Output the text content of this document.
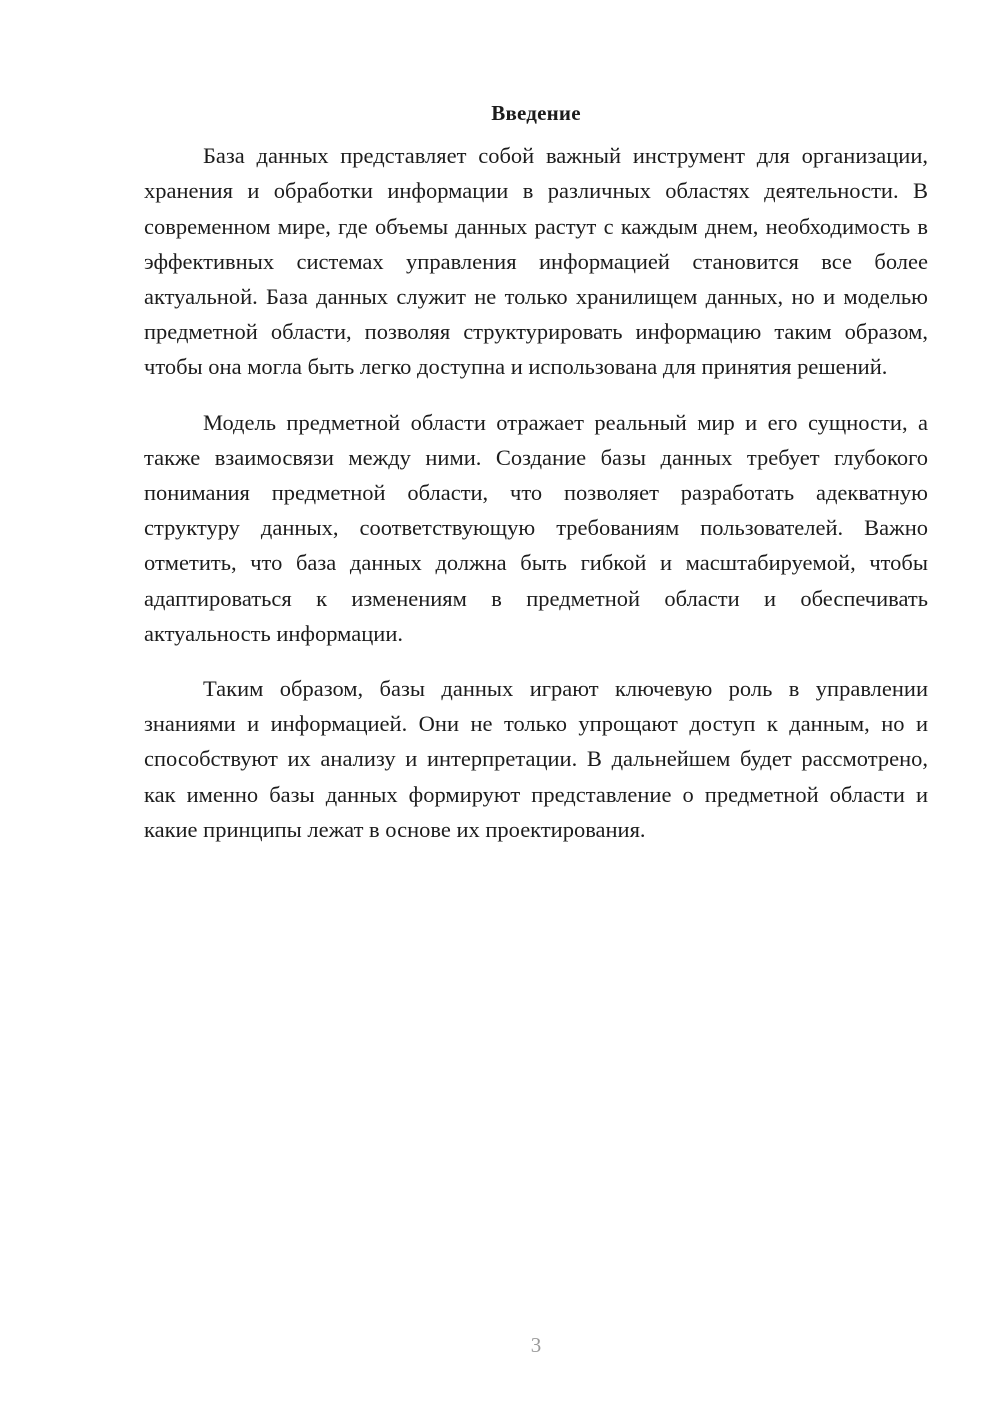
Введение

База данных представляет собой важный инструмент для организации, хранения и обработки информации в различных областях деятельности. В современном мире, где объемы данных растут с каждым днем, необходимость в эффективных системах управления информацией становится все более актуальной. База данных служит не только хранилищем данных, но и моделью предметной области, позволяя структурировать информацию таким образом, чтобы она могла быть легко доступна и использована для принятия решений.

Модель предметной области отражает реальный мир и его сущности, а также взаимосвязи между ними. Создание базы данных требует глубокого понимания предметной области, что позволяет разработать адекватную структуру данных, соответствующую требованиям пользователей. Важно отметить, что база данных должна быть гибкой и масштабируемой, чтобы адаптироваться к изменениям в предметной области и обеспечивать актуальность информации.

Таким образом, базы данных играют ключевую роль в управлении знаниями и информацией. Они не только упрощают доступ к данным, но и способствуют их анализу и интерпретации. В дальнейшем будет рассмотрено, как именно базы данных формируют представление о предметной области и какие принципы лежат в основе их проектирования.

3
